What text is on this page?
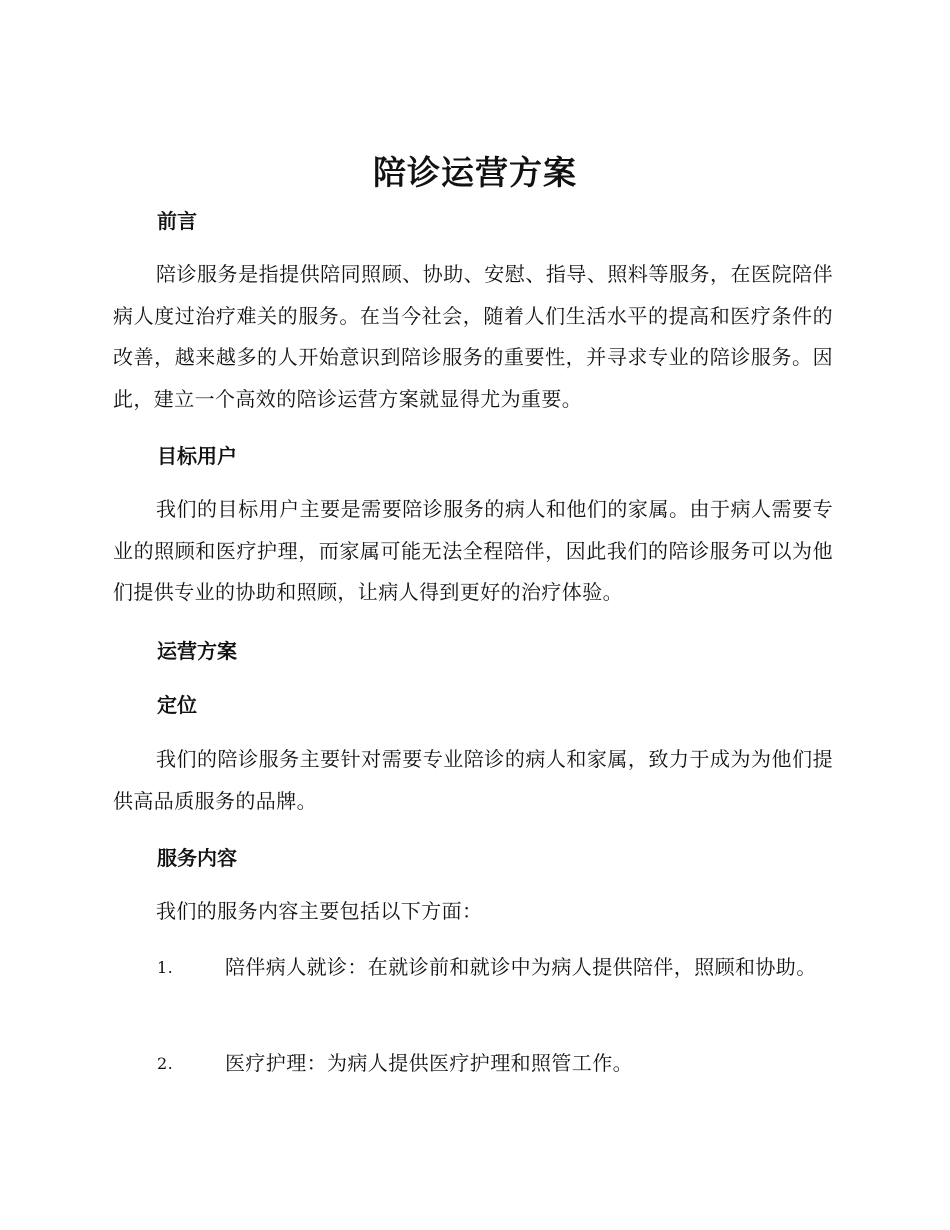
陪诊运营方案
前言
陪诊服务是指提供陪同照顾、协助、安慰、指导、照料等服务，在医院陪伴病人度过治疗难关的服务。在当今社会，随着人们生活水平的提高和医疗条件的改善，越来越多的人开始意识到陪诊服务的重要性，并寻求专业的陪诊服务。因此，建立一个高效的陪诊运营方案就显得尤为重要。
目标用户
我们的目标用户主要是需要陪诊服务的病人和他们的家属。由于病人需要专业的照顾和医疗护理，而家属可能无法全程陪伴，因此我们的陪诊服务可以为他们提供专业的协助和照顾，让病人得到更好的治疗体验。
运营方案
定位
我们的陪诊服务主要针对需要专业陪诊的病人和家属，致力于成为为他们提供高品质服务的品牌。
服务内容
我们的服务内容主要包括以下方面：
1.	陪伴病人就诊：在就诊前和就诊中为病人提供陪伴，照顾和协助。
2.	医疗护理：为病人提供医疗护理和照管工作。
